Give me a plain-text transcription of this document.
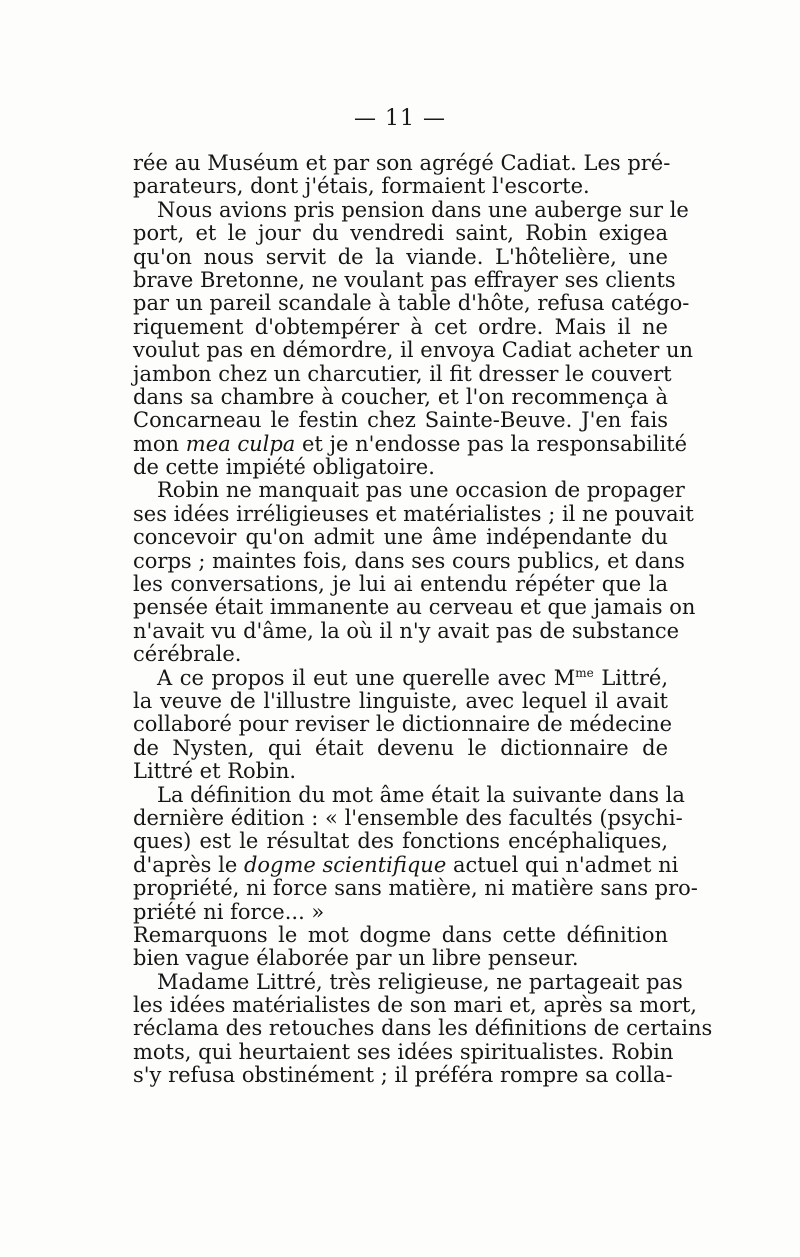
— 11 —
rée au Muséum et par son agrégé Cadiat. Les pré-
parateurs, dont j'étais, formaient l'escorte.
Nous avions pris pension dans une auberge sur le
port, et le jour du vendredi saint, Robin exigea
qu'on nous servit de la viande. L'hôtelière, une
brave Bretonne, ne voulant pas effrayer ses clients
par un pareil scandale à table d'hôte, refusa catégo-
riquement d'obtempérer à cet ordre. Mais il ne
voulut pas en démordre, il envoya Cadiat acheter un
jambon chez un charcutier, il fit dresser le couvert
dans sa chambre à coucher, et l'on recommença à
Concarneau le festin chez Sainte-Beuve. J'en fais
mon mea culpa et je n'endosse pas la responsabilité
de cette impiété obligatoire.
Robin ne manquait pas une occasion de propager
ses idées irréligieuses et matérialistes ; il ne pouvait
concevoir qu'on admit une âme indépendante du
corps ; maintes fois, dans ses cours publics, et dans
les conversations, je lui ai entendu répéter que la
pensée était immanente au cerveau et que jamais on
n'avait vu d'âme, la où il n'y avait pas de substance
cérébrale.
A ce propos il eut une querelle avec $M^{me}$ Littré,
la veuve de l'illustre linguiste, avec lequel il avait
collaboré pour reviser le dictionnaire de médecine
de Nysten, qui était devenu le dictionnaire de
Littré et Robin.
La définition du mot âme était la suivante dans la
dernière édition : « l'ensemble des facultés (psychi-
ques) est le résultat des fonctions encéphaliques,
d'après le dogme scientifique actuel qui n'admet ni
propriété, ni force sans matière, ni matière sans pro-
priété ni force... »
Remarquons le mot dogme dans cette définition
bien vague élaborée par un libre penseur.
Madame Littré, très religieuse, ne partageait pas
les idées matérialistes de son mari et, après sa mort,
réclama des retouches dans les définitions de certains
mots, qui heurtaient ses idées spiritualistes. Robin
s'y refusa obstinément ; il préféra rompre sa colla-
